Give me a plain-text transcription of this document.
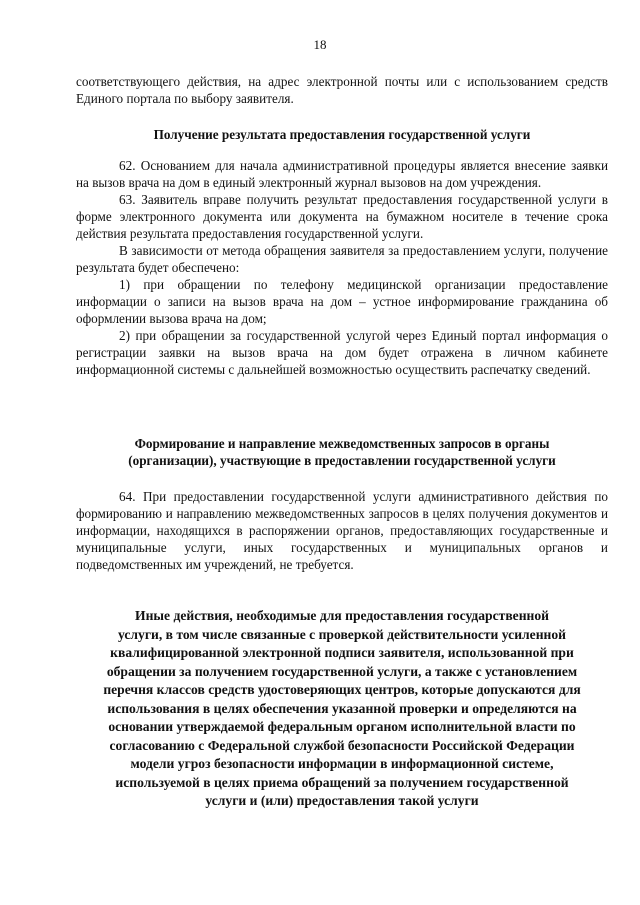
18

соответствующего действия, на адрес электронной почты или с использованием средств Единого портала по выбору заявителя.

Получение результата предоставления государственной услуги

62. Основанием для начала административной процедуры является внесение заявки на вызов врача на дом в единый электронный журнал вызовов на дом учреждения.

63. Заявитель вправе получить результат предоставления государственной услуги в форме электронного документа или документа на бумажном носителе в течение срока действия результата предоставления государственной услуги.

В зависимости от метода обращения заявителя за предоставлением услуги, получение результата будет обеспечено:

1) при обращении по телефону медицинской организации предоставление информации о записи на вызов врача на дом – устное информирование гражданина об оформлении вызова врача на дом;

2) при обращении за государственной услугой через Единый портал информация о регистрации заявки на вызов врача на дом будет отражена в личном кабинете информационной системы с дальнейшей возможностью осуществить распечатку сведений.

Формирование и направление межведомственных запросов в органы
(организации), участвующие в предоставлении государственной услуги

64. При предоставлении государственной услуги административного действия по формированию и направлению межведомственных запросов в целях получения документов и информации, находящихся в распоряжении органов, предоставляющих государственные и муниципальные услуги, иных государственных и муниципальных органов и подведомственных им учреждений, не требуется.

Иные действия, необходимые для предоставления государственной
услуги, в том числе связанные с проверкой действительности усиленной
квалифицированной электронной подписи заявителя, использованной при
обращении за получением государственной услуги, а также с установлением
перечня классов средств удостоверяющих центров, которые допускаются для
использования в целях обеспечения указанной проверки и определяются на
основании утверждаемой федеральным органом исполнительной власти по
согласованию с Федеральной службой безопасности Российской Федерации
модели угроз безопасности информации в информационной системе,
используемой в целях приема обращений за получением государственной
услуги и (или) предоставления такой услуги
